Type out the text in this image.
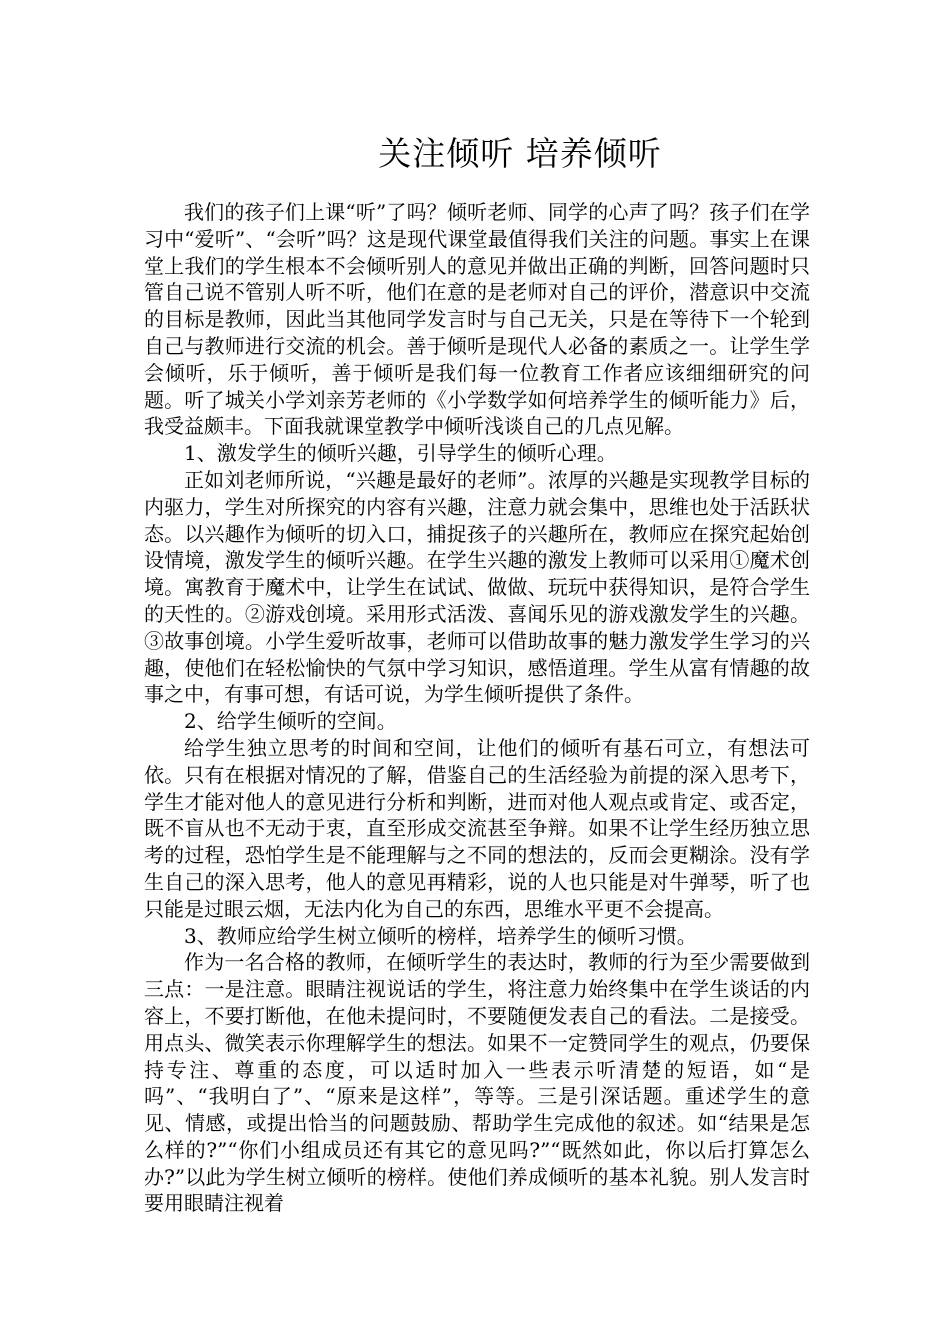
关注倾听 培养倾听

我们的孩子们上课“听”了吗？倾听老师、同学的心声了吗？孩子们在学习中“爱听”、“会听”吗？这是现代课堂最值得我们关注的问题。事实上在课堂上我们的学生根本不会倾听别人的意见并做出正确的判断，回答问题时只管自己说不管别人听不听，他们在意的是老师对自己的评价，潜意识中交流的目标是教师，因此当其他同学发言时与自己无关，只是在等待下一个轮到自己与教师进行交流的机会。善于倾听是现代人必备的素质之一。让学生学会倾听，乐于倾听，善于倾听是我们每一位教育工作者应该细细研究的问题。听了城关小学刘亲芳老师的《小学数学如何培养学生的倾听能力》后，我受益颇丰。下面我就课堂教学中倾听浅谈自己的几点见解。

1、激发学生的倾听兴趣，引导学生的倾听心理。

正如刘老师所说，“兴趣是最好的老师”。浓厚的兴趣是实现教学目标的内驱力，学生对所探究的内容有兴趣，注意力就会集中，思维也处于活跃状态。以兴趣作为倾听的切入口，捕捉孩子的兴趣所在，教师应在探究起始创设情境，激发学生的倾听兴趣。在学生兴趣的激发上教师可以采用①魔术创境。寓教育于魔术中，让学生在试试、做做、玩玩中获得知识，是符合学生的天性的。②游戏创境。采用形式活泼、喜闻乐见的游戏激发学生的兴趣。③故事创境。小学生爱听故事，老师可以借助故事的魅力激发学生学习的兴趣，使他们在轻松愉快的气氛中学习知识，感悟道理。学生从富有情趣的故事之中，有事可想，有话可说，为学生倾听提供了条件。

2、给学生倾听的空间。

给学生独立思考的时间和空间，让他们的倾听有基石可立，有想法可依。只有在根据对情况的了解，借鉴自己的生活经验为前提的深入思考下，学生才能对他人的意见进行分析和判断，进而对他人观点或肯定、或否定，既不盲从也不无动于衷，直至形成交流甚至争辩。如果不让学生经历独立思考的过程，恐怕学生是不能理解与之不同的想法的，反而会更糊涂。没有学生自己的深入思考，他人的意见再精彩，说的人也只能是对牛弹琴，听了也只能是过眼云烟，无法内化为自己的东西，思维水平更不会提高。

3、教师应给学生树立倾听的榜样，培养学生的倾听习惯。

作为一名合格的教师，在倾听学生的表达时，教师的行为至少需要做到三点：一是注意。眼睛注视说话的学生，将注意力始终集中在学生谈话的内容上，不要打断他，在他未提问时，不要随便发表自己的看法。二是接受。用点头、微笑表示你理解学生的想法。如果不一定赞同学生的观点，仍要保持专注、尊重的态度，可以适时加入一些表示听清楚的短语，如“是吗”、“我明白了”、“原来是这样”，等等。三是引深话题。重述学生的意见、情感，或提出恰当的问题鼓励、帮助学生完成他的叙述。如“结果是怎么样的?”“你们小组成员还有其它的意见吗?”“既然如此，你以后打算怎么办?”以此为学生树立倾听的榜样。使他们养成倾听的基本礼貌。别人发言时要用眼睛注视着
